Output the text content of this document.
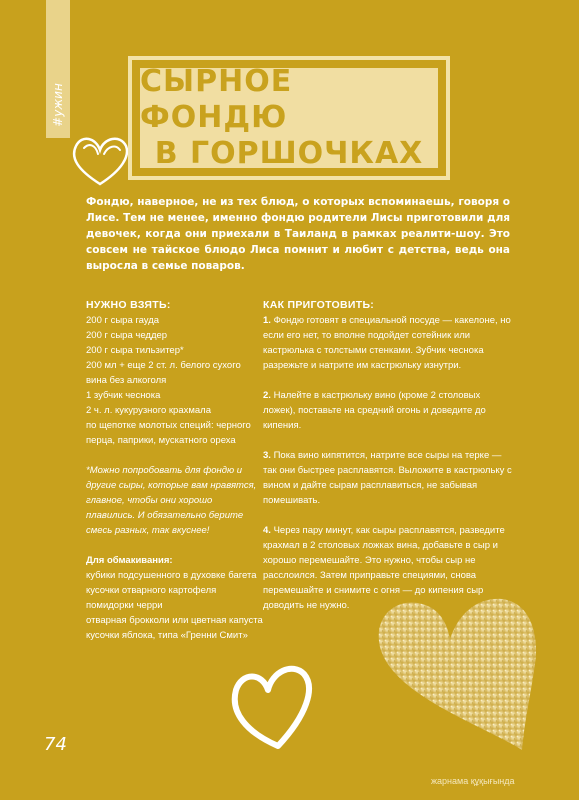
#ужин
СЫРНОЕ ФОНДЮ
В ГОРШОЧКАХ
Фондю, наверное, не из тех блюд, о которых вспоминаешь, говоря о Лисе. Тем не менее, именно фондю родители Лисы приготовили для девочек, когда они приехали в Таиланд в рамках реалити-шоу. Это совсем не тайское блюдо Лиса помнит и любит с детства, ведь она выросла в семье поваров.
НУЖНО ВЗЯТЬ:
200 г сыра гауда
200 г сыра чеддер
200 г сыра тильзитер*
200 мл + еще 2 ст. л. белого сухого вина без алкоголя
1 зубчик чеснока
2 ч. л. кукурузного крахмала
по щепотке молотых специй: черного перца, паприки, мускатного ореха
*Можно попробовать для фондю и другие сыры, которые вам нравятся, главное, чтобы они хорошо плавились. И обязательно берите смесь разных, так вкуснее!
Для обмакивания:
кубики подсушенного в духовке багета
кусочки отварного картофеля
помидорки черри
отварная брокколи или цветная капуста
кусочки яблока, типа «Гренни Смит»
КАК ПРИГОТОВИТЬ:
1. Фондю готовят в специальной посуде — какелоне, но если его нет, то вполне подойдет сотейник или кастрюлька с толстыми стенками. Зубчик чеснока разрежьте и натрите им кастрюльку изнутри.
2. Налейте в кастрюльку вино (кроме 2 столовых ложек), поставьте на средний огонь и доведите до кипения.
3. Пока вино кипятится, натрите все сыры на терке — так они быстрее расплавятся. Выложите в кастрюльку с вином и дайте сырам расплавиться, не забывая помешивать.
4. Через пару минут, как сыры расплавятся, разведите крахмал в 2 столовых ложках вина, добавьте в сыр и хорошо перемешайте. Это нужно, чтобы сыр не расслоился. Затем приправьте специями, снова перемешайте и снимите с огня — до кипения сыр доводить не нужно.
74
жарнама құқығында
